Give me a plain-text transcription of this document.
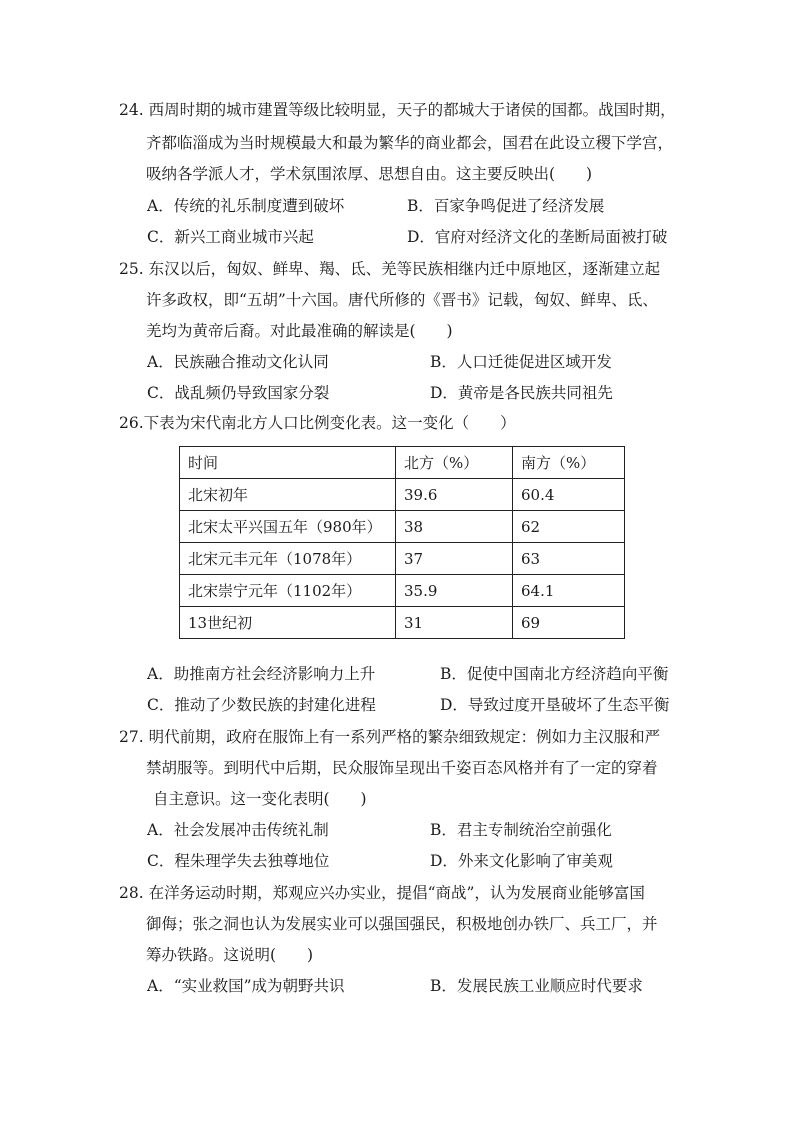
24. 西周时期的城市建置等级比较明显，天子的都城大于诸侯的国都。战国时期，
齐都临淄成为当时规模最大和最为繁华的商业都会，国君在此设立稷下学宫，
吸纳各学派人才，学术氛围浓厚、思想自由。这主要反映出(　　)
A．传统的礼乐制度遭到破坏	B．百家争鸣促进了经济发展
C．新兴工商业城市兴起	D．官府对经济文化的垄断局面被打破
25. 东汉以后，匈奴、鲜卑、羯、氐、羌等民族相继内迁中原地区，逐渐建立起
许多政权，即“五胡”十六国。唐代所修的《晋书》记载，匈奴、鲜卑、氐、
羌均为黄帝后裔。对此最准确的解读是(　　)
A．民族融合推动文化认同	B．人口迁徙促进区域开发
C．战乱频仍导致国家分裂	D．黄帝是各民族共同祖先
26.下表为宋代南北方人口比例变化表。这一变化（　　）
时间	北方（%）	南方（%）
北宋初年	39.6	60.4
北宋太平兴国五年（980年）	38	62
北宋元丰元年（1078年）	37	63
北宋崇宁元年（1102年）	35.9	64.1
13世纪初	31	69
A．助推南方社会经济影响力上升	B．促使中国南北方经济趋向平衡
C．推动了少数民族的封建化进程	D．导致过度开垦破坏了生态平衡
27. 明代前期，政府在服饰上有一系列严格的繁杂细致规定：例如力主汉服和严
禁胡服等。到明代中后期，民众服饰呈现出千姿百态风格并有了一定的穿着
自主意识。这一变化表明(　　)
A．社会发展冲击传统礼制	B．君主专制统治空前强化
C．程朱理学失去独尊地位	D．外来文化影响了审美观
28. 在洋务运动时期，郑观应兴办实业，提倡“商战”，认为发展商业能够富国
御侮；张之洞也认为发展实业可以强国强民，积极地创办铁厂、兵工厂，并
筹办铁路。这说明(　　)
A．“实业救国”成为朝野共识	B．发展民族工业顺应时代要求
